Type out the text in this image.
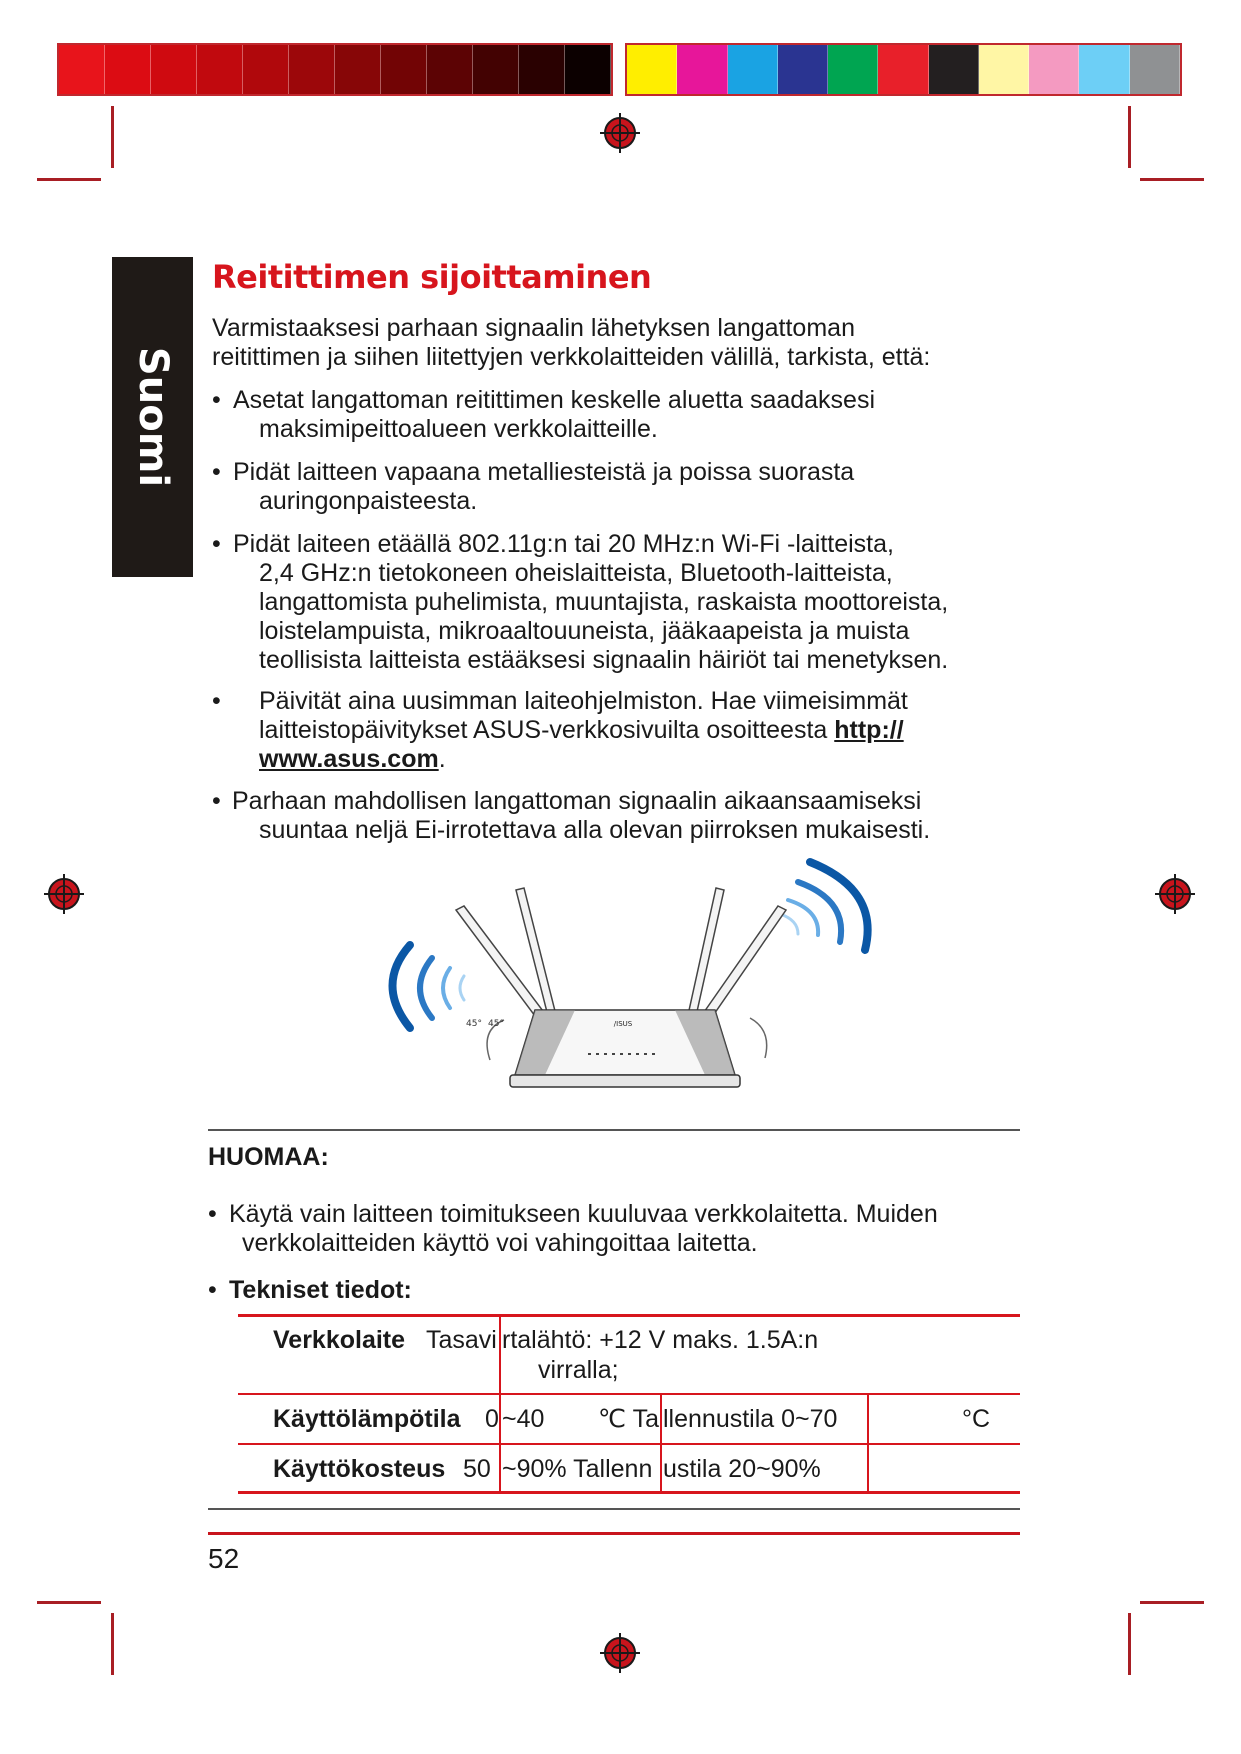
Suomi
Reitittimen sijoittaminen
Varmistaaksesi parhaan signaalin lähetyksen langattoman
reitittimen ja siihen liitettyjen verkkolaitteiden välillä, tarkista, että:
• Asetat langattoman reitittimen keskelle aluetta saadaksesi
maksimipeittoalueen verkkolaitteille.
• Pidät laitteen vapaana metalliesteistä ja poissa suorasta
auringonpaisteesta.
• Pidät laiteen etäällä 802.11g:n tai 20 MHz:n Wi-Fi -laitteista,
2,4 GHz:n tietokoneen oheislaitteista, Bluetooth-laitteista,
langattomista puhelimista, muuntajista, raskaista moottoreista,
loistelampuista, mikroaaltouuneista, jääkaapeista ja muista
teollisista laitteista estääksesi signaalin häiriöt tai menetyksen.
• Päivität aina uusimman laiteohjelmiston. Hae viimeisimmät
laitteistopäivitykset ASUS-verkkosivuilta osoitteesta http://
www.asus.com.
• Parhaan mahdollisen langattoman signaalin aikaansaamiseksi
suuntaa neljä Ei-irrotettava alla olevan piirroksen mukaisesti.
/ISUS
45° 45°
HUOMAA:
• Käytä vain laitteen toimitukseen kuuluvaa verkkolaitetta. Muiden
verkkolaitteiden käyttö voi vahingoittaa laitetta.
• Tekniset tiedot:
Verkkolaite Tasavi rtalähtö: +12 V maks. 1.5A:n
virralla;
Käyttölämpötila 0 ~40 ℃ Ta llennustila 0~70	°C
Käyttökosteus 50 ~90% Tallenn ustila 20~90%
52
